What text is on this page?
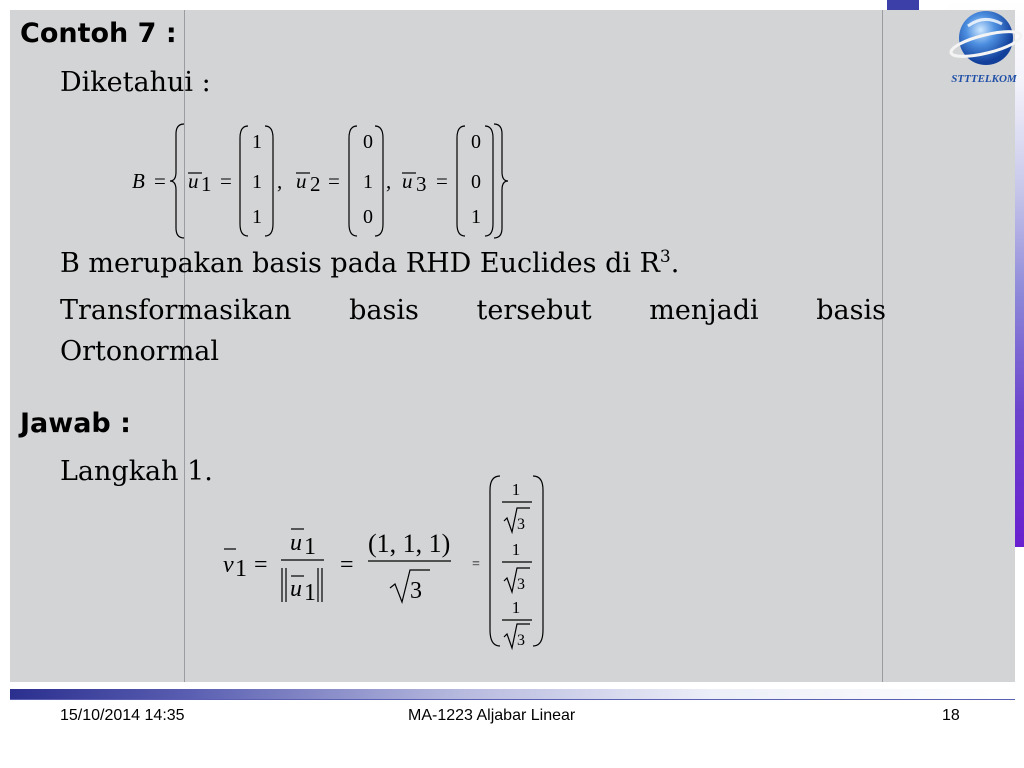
STTTELKOM
Contoh 7 :
Diketahui :
B = u 1 =
1
1
1
, u 2 =
0
1
0
, u 3 =
0
0
1
B merupakan basis pada RHD Euclides di $R^3$.
Transformasikan basis tersebut menjadi basis
Ortonormal
Jawab :
Langkah 1.
v 1 =
u 1
u 1
=
(1, 1, 1)
3
=
1
3
1
3
1
3
15/10/2014 14:35	MA-1223 Aljabar Linear	18
